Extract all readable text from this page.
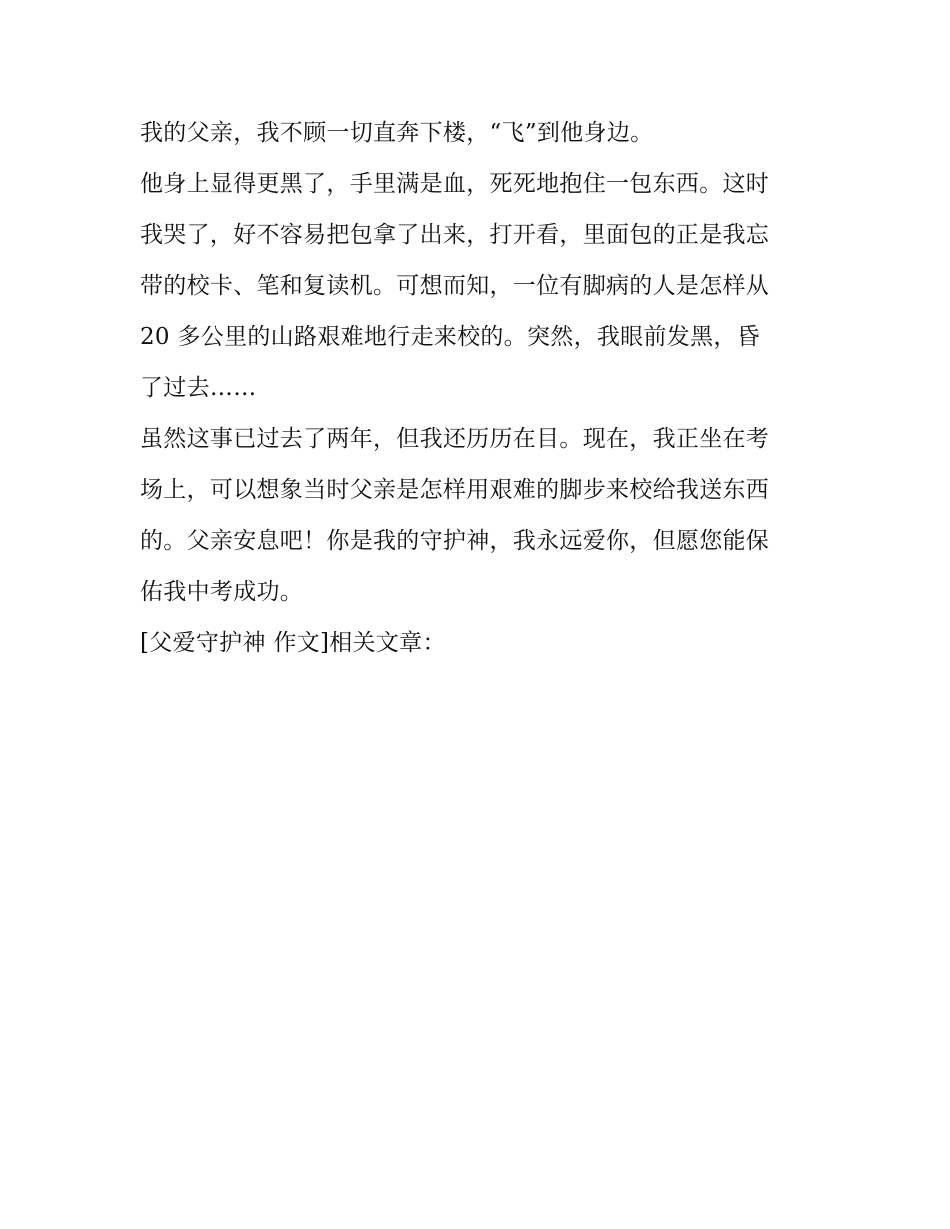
我的父亲，我不顾一切直奔下楼，“飞”到他身边。
他身上显得更黑了，手里满是血，死死地抱住一包东西。这时
我哭了，好不容易把包拿了出来，打开看，里面包的正是我忘
带的校卡、笔和复读机。可想而知，一位有脚病的人是怎样从
20 多公里的山路艰难地行走来校的。突然，我眼前发黑，昏
了过去……
虽然这事已过去了两年，但我还历历在目。现在，我正坐在考
场上，可以想象当时父亲是怎样用艰难的脚步来校给我送东西
的。父亲安息吧！你是我的守护神，我永远爱你，但愿您能保
佑我中考成功。
[父爱守护神 作文]相关文章：
